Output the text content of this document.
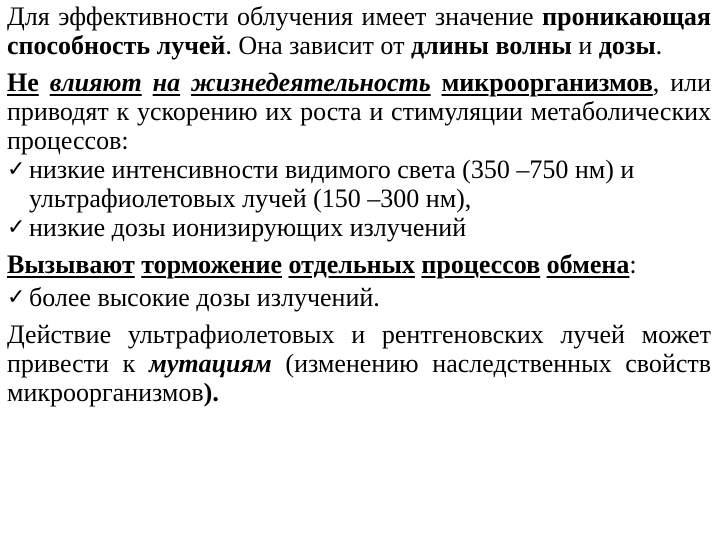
Для эффективности облучения имеет значение проникающая способность лучей. Она зависит от длины волны и дозы.

Не влияют на жизнедеятельность микроорганизмов, или приводят к ускорению их роста и стимуляции метаболических процессов:

✓ низкие интенсивности видимого света (350 –750 нм) и ультрафиолетовых лучей (150 –300 нм),
✓ низкие дозы ионизирующих излучений

Вызывают торможение отдельных процессов обмена:

✓ более высокие дозы излучений.

Действие ультрафиолетовых и рентгеновских лучей может привести к мутациям (изменению наследственных свойств микроорганизмов).
